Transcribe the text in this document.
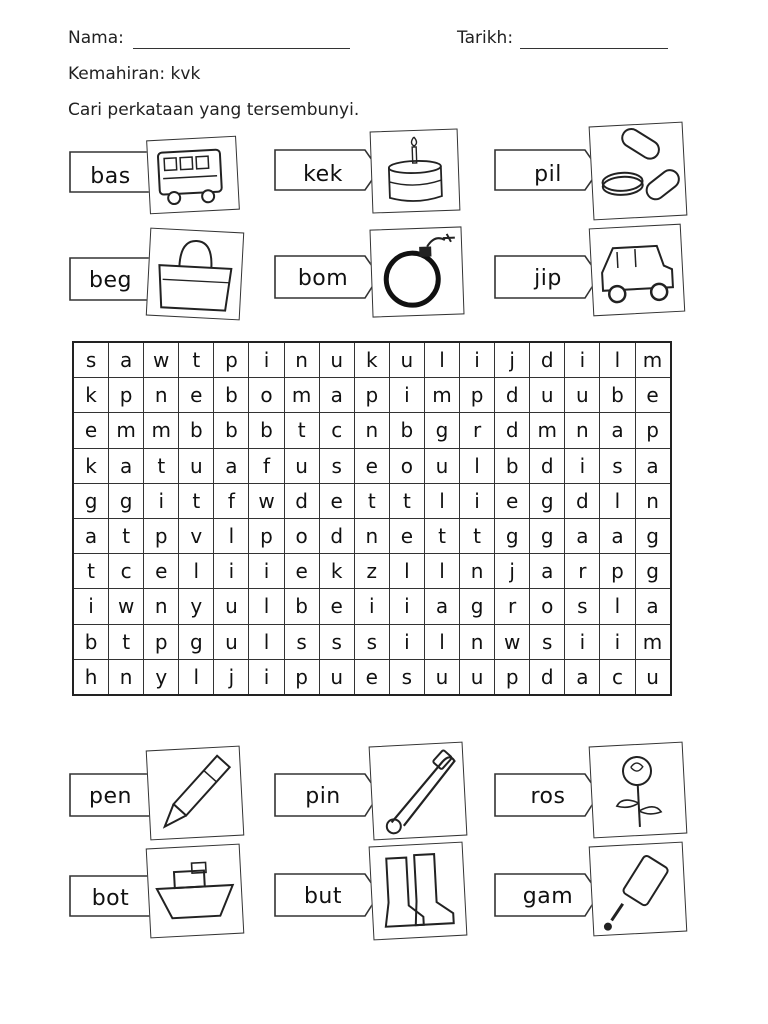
Nama:	Tarikh:
Kemahiran: kvk
Cari perkataan yang tersembunyi.
bas	kek	pil
beg	bom	jip
s	a	w	t	p	i	n	u	k	u	l	i	j	d	i	l	m
k	p	n	e	b	o	m	a	p	i	m	p	d	u	u	b	e
e	m	m	b	b	b	t	c	n	b	g	r	d	m	n	a	p
k	a	t	u	a	f	u	s	e	o	u	l	b	d	i	s	a
g	g	i	t	f	w	d	e	t	t	l	i	e	g	d	l	n
a	t	p	v	l	p	o	d	n	e	t	t	g	g	a	a	g
t	c	e	l	i	i	e	k	z	l	l	n	j	a	r	p	g
i	w	n	y	u	l	b	e	i	i	a	g	r	o	s	l	a
b	t	p	g	u	l	s	s	s	i	l	n	w	s	i	i	m
h	n	y	l	j	i	p	u	e	s	u	u	p	d	a	c	u
pen	pin	ros
bot	but	gam
